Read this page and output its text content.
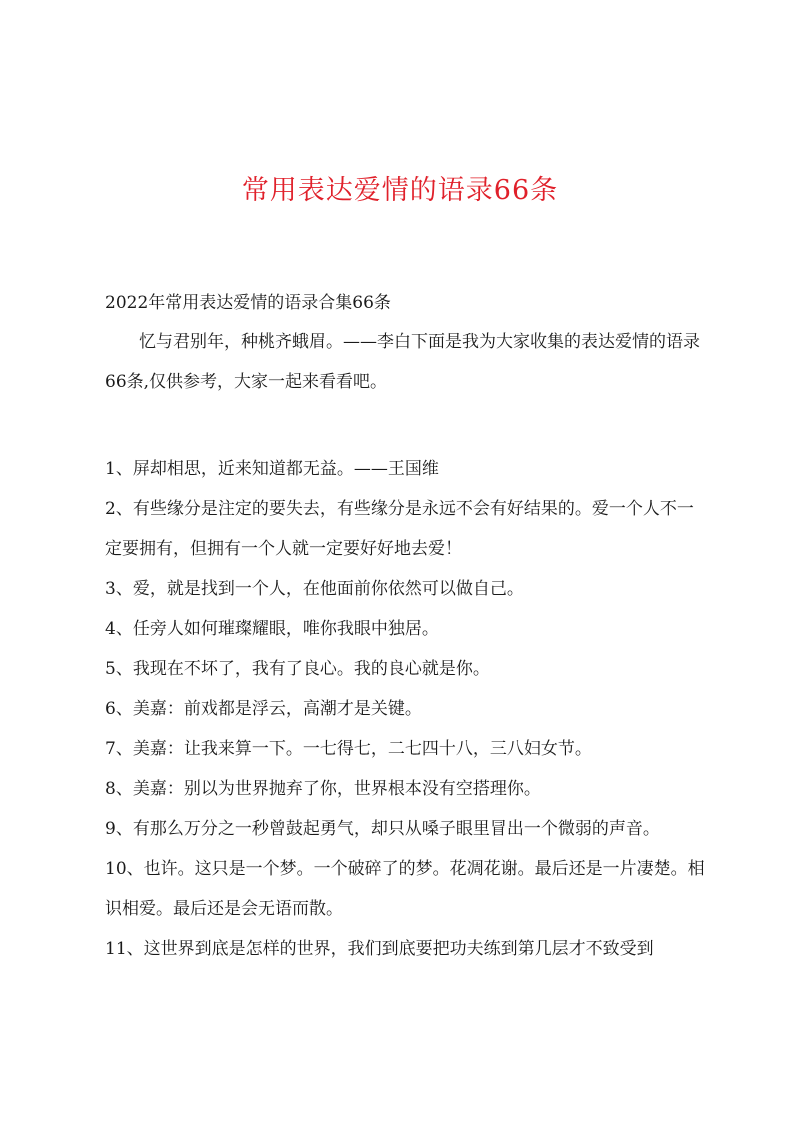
常用表达爱情的语录66条
2022年常用表达爱情的语录合集66条
忆与君别年，种桃齐蛾眉。——李白下面是我为大家收集的表达爱情的语录66条,仅供参考，大家一起来看看吧。
1、屏却相思，近来知道都无益。——王国维
2、有些缘分是注定的要失去，有些缘分是永远不会有好结果的。爱一个人不一定要拥有，但拥有一个人就一定要好好地去爱！
3、爱，就是找到一个人，在他面前你依然可以做自己。
4、任旁人如何璀璨耀眼，唯你我眼中独居。
5、我现在不坏了，我有了良心。我的良心就是你。
6、美嘉：前戏都是浮云，高潮才是关键。
7、美嘉：让我来算一下。一七得七，二七四十八，三八妇女节。
8、美嘉：别以为世界抛弃了你，世界根本没有空搭理你。
9、有那么万分之一秒曾鼓起勇气，却只从嗓子眼里冒出一个微弱的声音。
10、也许。这只是一个梦。一个破碎了的梦。花凋花谢。最后还是一片凄楚。相识相爱。最后还是会无语而散。
11、这世界到底是怎样的世界，我们到底要把功夫练到第几层才不致受到
